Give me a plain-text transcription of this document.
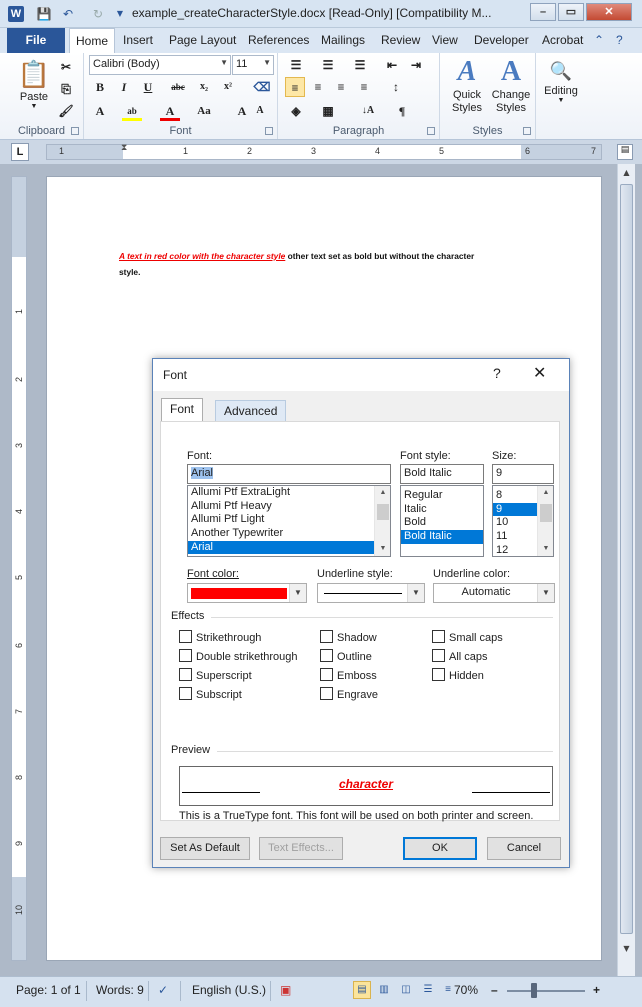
W 💾 ↶ ↻	▼ example_createCharacterStyle.docx [Read-Only] [Compatibility M...	–	▭	✕
File	Home	Insert Page Layout References Mailings Review View Developer Acrobat ⌃ ?
📋
Paste
▼
✂
⎘
🖌
Clipboard
Calibri (Body)	▼ 11 ▼
B	I	U	abc	x₂	x²	⌫
A	ab	A	Aa	A	A
Font
☰	☰	☰	⇤	⇥
≡	≡	≡	≡	↕
◈	▦	↓A	¶
Paragraph
A
Quick Styles
A
Change Styles
Styles
🔍
Editing
▼
L	1	1	2	3	4	5	6	7
⧗	▤
1
2
3
4
5
6
7
8
9
10
▲
▼
A text in red color with the character style other text set as bold but without the character
style.
Font	? ✕
Font	Advanced
Font:
Arial
Allumi Ptf ExtraLight
Allumi Ptf Heavy
Allumi Ptf Light
Another Typewriter
Arial
▲
▼
Font style:
Bold Italic
Regular
Italic
Bold
Bold Italic
Size:
9
8
9
10
11
12
▲
▼
Font color:
▼
Underline style:
▼
Underline color:
Automatic	▼
Effects
Strikethrough
Double strikethrough
Superscript
Subscript
Shadow
Outline
Emboss
Engrave
Small caps
All caps
Hidden
Preview
character
This is a TrueType font. This font will be used on both printer and screen.
Set As Default	Text Effects...	OK	Cancel
Page: 1 of 1 Words: 9 ✓ English (U.S.) ▣	▤	▥	◫	☰	≡ 70% –	+
